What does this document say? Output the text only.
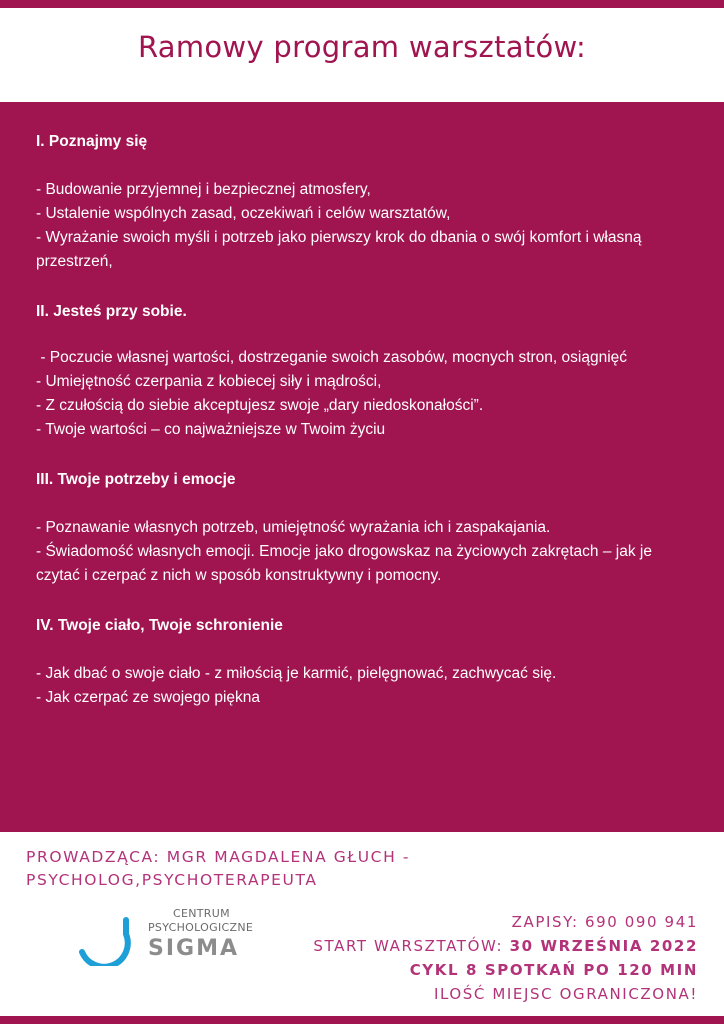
Ramowy program warsztatów:
I. Poznajmy się
- Budowanie przyjemnej i bezpiecznej atmosfery,
- Ustalenie wspólnych zasad, oczekiwań i celów warsztatów,
- Wyrażanie swoich myśli i potrzeb jako pierwszy krok do dbania o swój komfort i własną przestrzeń,
II. Jesteś przy sobie.
- Poczucie własnej wartości, dostrzeganie swoich zasobów, mocnych stron, osiągnięć
- Umiejętność czerpania z kobiecej siły i mądrości,
- Z czułością do siebie akceptujesz swoje „dary niedoskonałości”.
- Twoje wartości – co najważniejsze w Twoim życiu
III. Twoje potrzeby i emocje
- Poznawanie własnych potrzeb, umiejętność wyrażania ich i zaspakajania.
- Świadomość własnych emocji. Emocje jako drogowskaz na życiowych zakrętach – jak je czytać i czerpać z nich w sposób konstruktywny i pomocny.
IV. Twoje ciało, Twoje schronienie
- Jak dbać o swoje ciało - z miłością je karmić, pielęgnować, zachwycać się.
- Jak czerpać ze swojego piękna
PROWADZĄCA: MGR MAGDALENA GŁUCH -
PSYCHOLOG,PSYCHOTERAPEUTA
CENTRUM
PSYCHOLOGICZNE
SIGMA
ZAPISY: 690 090 941
START WARSZTATÓW: 30 WRZEŚNIA 2022
CYKL 8 SPOTKAŃ PO 120 MIN
ILOŚĆ MIEJSC OGRANICZONA!
